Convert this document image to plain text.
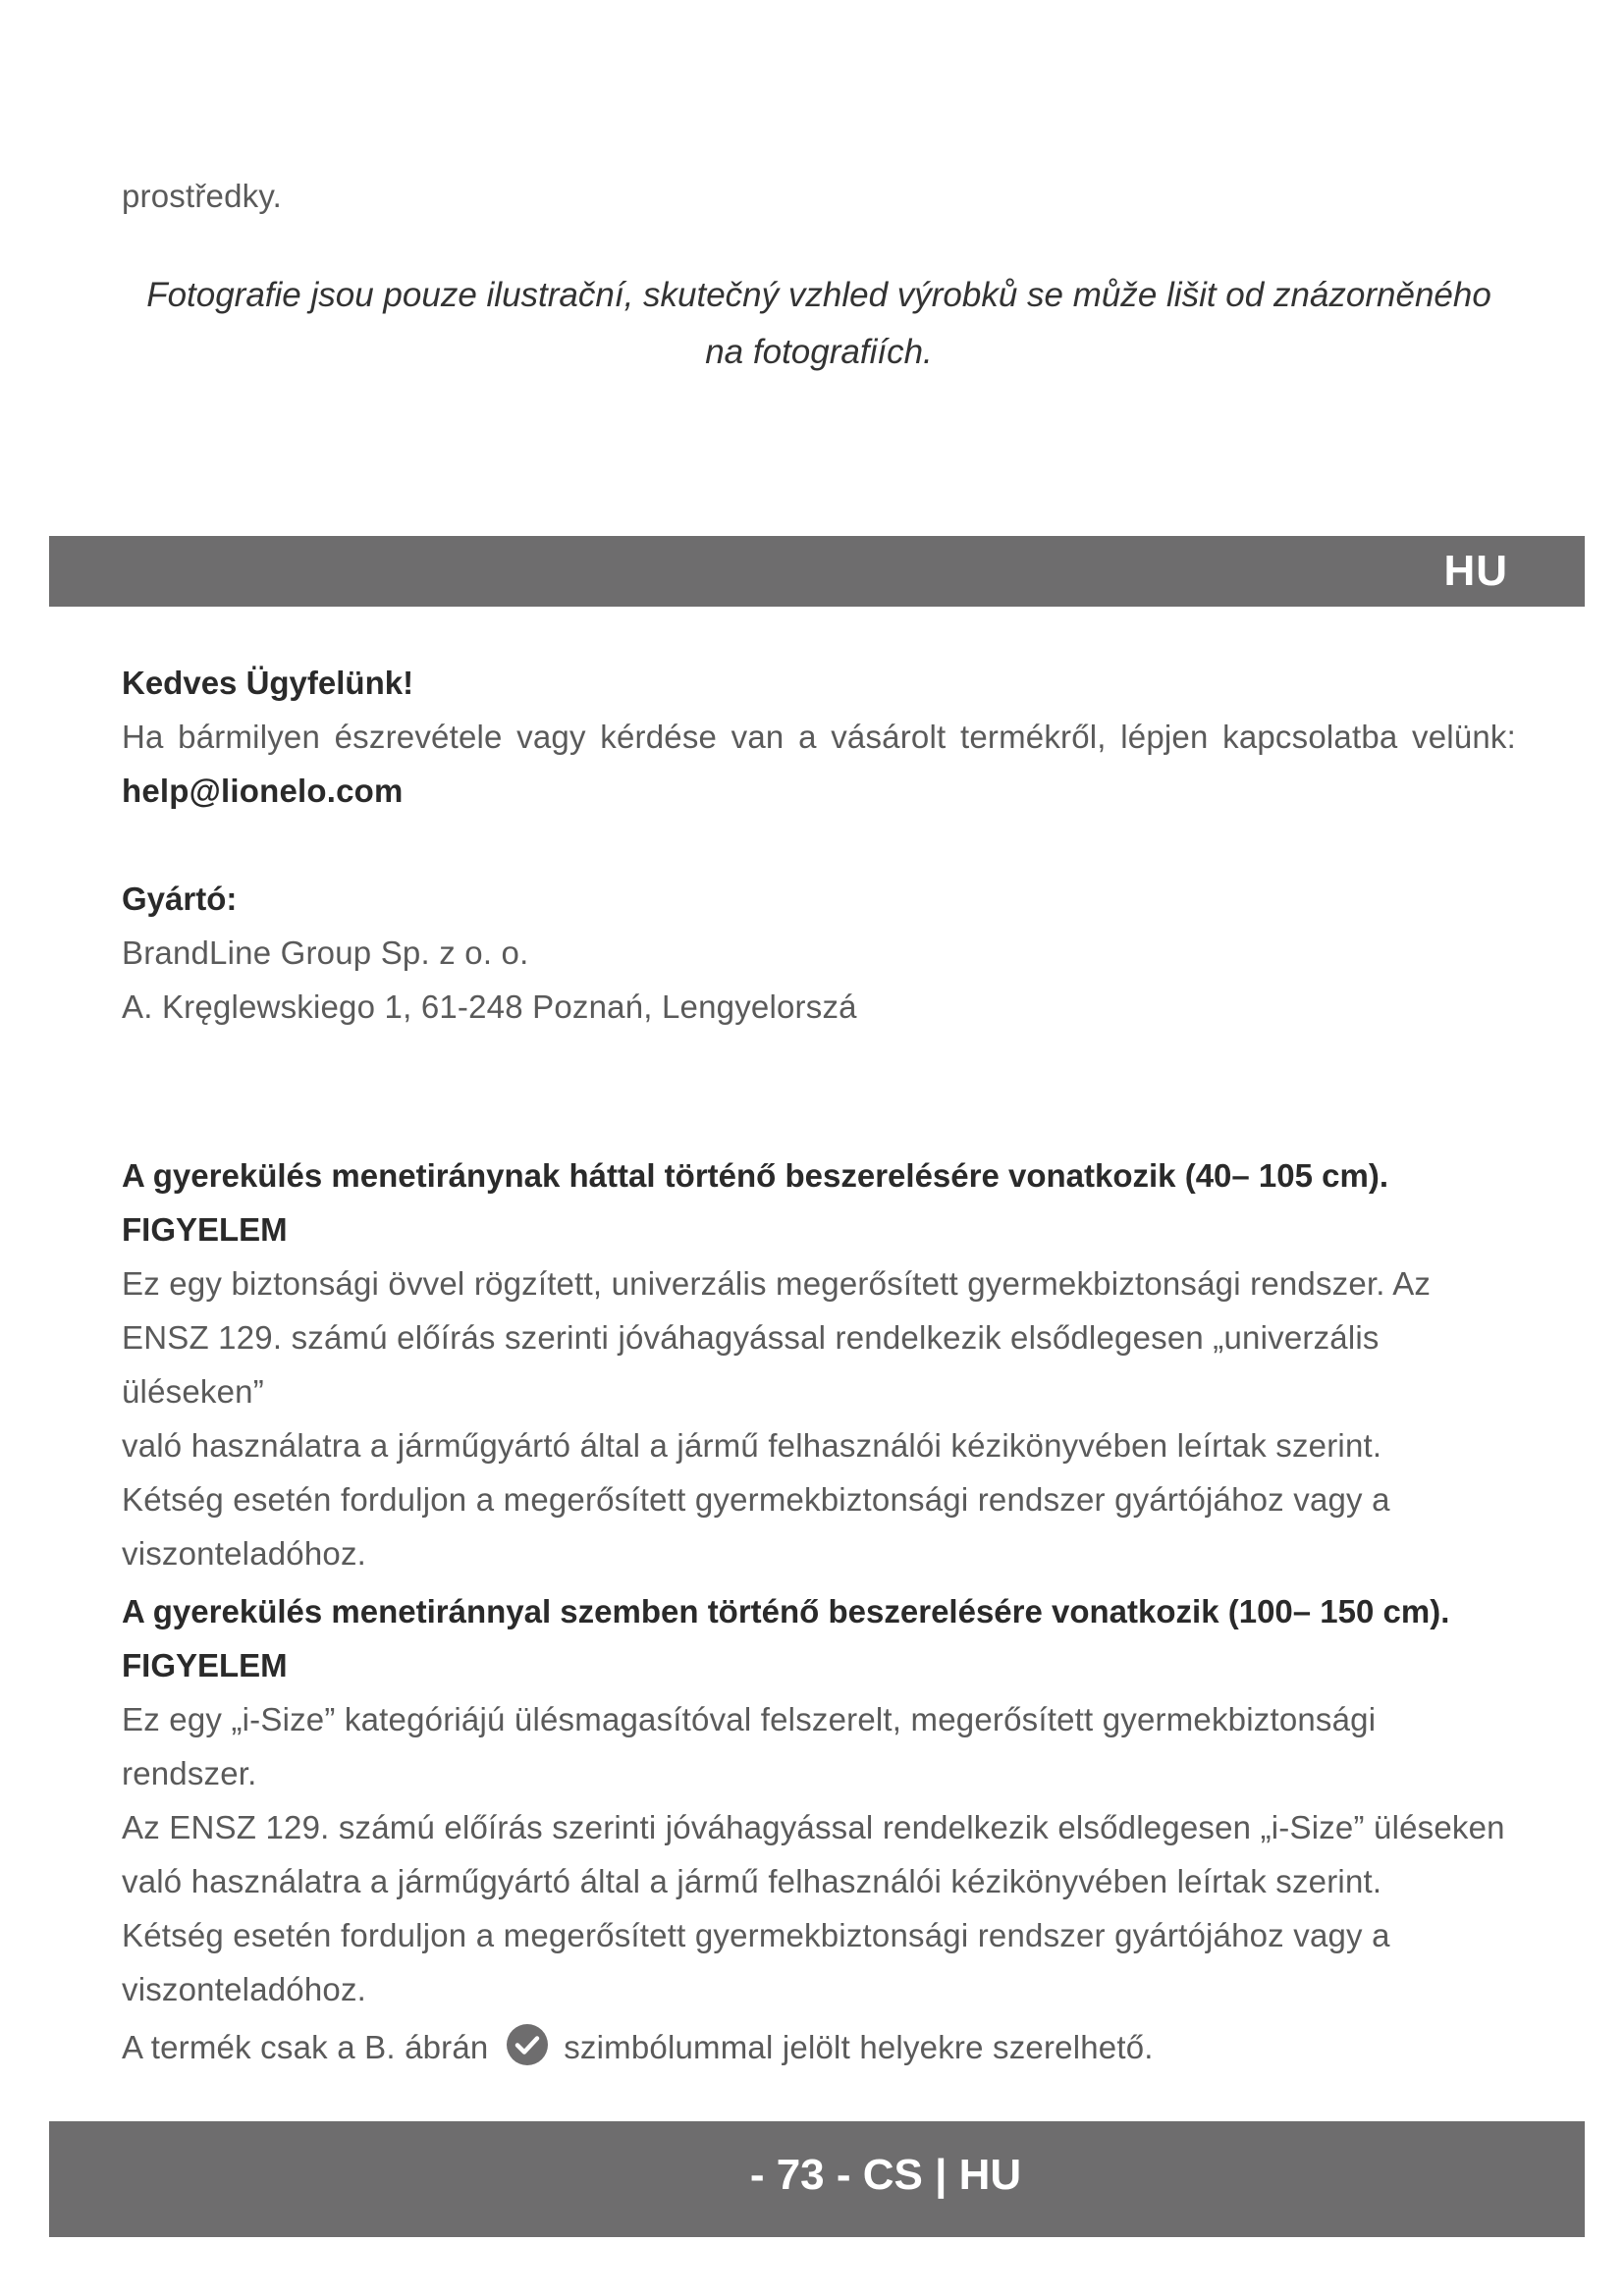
prostředky.
Fotografie jsou pouze ilustrační, skutečný vzhled výrobků se může lišit od znázorněného
na fotografiích.
HU
Kedves Ügyfelünk!
Ha bármilyen észrevétele vagy kérdése van a vásárolt termékről, lépjen kapcsolatba velünk: help@lionelo.com
Gyártó:
BrandLine Group Sp. z o. o.
A. Kręglewskiego 1, 61-248 Poznań, Lengyelorszá
A gyerekülés menetiránynak háttal történő beszerelésére vonatkozik (40– 105 cm).
FIGYELEM
Ez egy biztonsági övvel rögzített, univerzális megerősített gyermekbiztonsági rendszer. Az
ENSZ 129. számú előírás szerinti jóváhagyással rendelkezik elsődlegesen „univerzális üléseken”
való használatra a járműgyártó által a jármű felhasználói kézikönyvében leírtak szerint.
Kétség esetén forduljon a megerősített gyermekbiztonsági rendszer gyártójához vagy a
viszonteladóhoz.
A gyerekülés menetiránnyal szemben történő beszerelésére vonatkozik (100– 150 cm).
FIGYELEM
Ez egy „i-Size” kategóriájú ülésmagasítóval felszerelt, megerősített gyermekbiztonsági rendszer.
Az ENSZ 129. számú előírás szerinti jóváhagyással rendelkezik elsődlegesen „i-Size” üléseken
való használatra a járműgyártó által a jármű felhasználói kézikönyvében leírtak szerint.
Kétség esetén forduljon a megerősített gyermekbiztonsági rendszer gyártójához vagy a
viszonteladóhoz.
A termék csak a B. ábrán szimbólummal jelölt helyekre szerelhető.
- 73 - CS | HU
